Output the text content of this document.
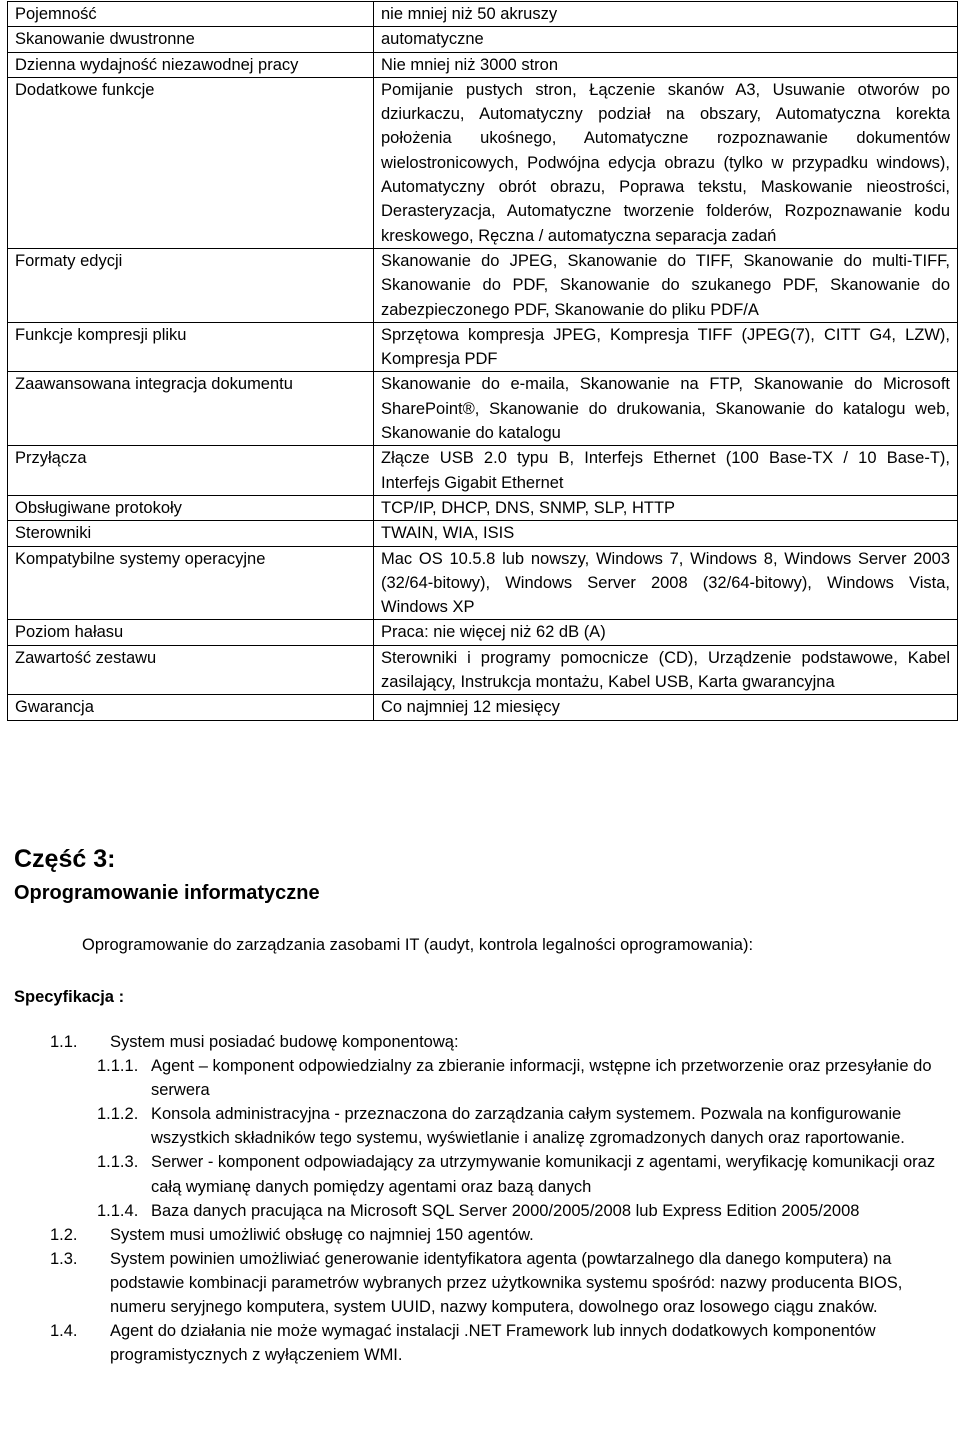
Pojemność	nie mniej niż 50 akruszy
Skanowanie dwustronne	automatyczne
Dzienna wydajność niezawodnej pracy	Nie mniej niż 3000 stron
Dodatkowe funkcje	Pomijanie pustych stron, Łączenie skanów A3, Usuwanie otworów po dziurkaczu, Automatyczny podział na obszary, Automatyczna korekta położenia ukośnego, Automatyczne rozpoznawanie dokumentów wielostronicowych, Podwójna edycja obrazu (tylko w przypadku windows), Automatyczny obrót obrazu, Poprawa tekstu, Maskowanie nieostrości, Derasteryzacja, Automatyczne tworzenie folderów, Rozpoznawanie kodu kreskowego, Ręczna / automatyczna separacja zadań
Formaty edycji	Skanowanie do JPEG, Skanowanie do TIFF, Skanowanie do multi-TIFF, Skanowanie do PDF, Skanowanie do szukanego PDF, Skanowanie do zabezpieczonego PDF, Skanowanie do pliku PDF/A
Funkcje kompresji pliku	Sprzętowa kompresja JPEG, Kompresja TIFF (JPEG(7), CITT G4, LZW), Kompresja PDF
Zaawansowana integracja dokumentu	Skanowanie do e-maila, Skanowanie na FTP, Skanowanie do Microsoft SharePoint®, Skanowanie do drukowania, Skanowanie do katalogu web, Skanowanie do katalogu
Przyłącza	Złącze USB 2.0 typu B, Interfejs Ethernet (100 Base-TX / 10 Base-T), Interfejs Gigabit Ethernet
Obsługiwane protokoły	TCP/IP, DHCP, DNS, SNMP, SLP, HTTP
Sterowniki	TWAIN, WIA, ISIS
Kompatybilne systemy operacyjne	Mac OS 10.5.8 lub nowszy, Windows 7, Windows 8, Windows Server 2003 (32/64-bitowy), Windows Server 2008 (32/64-bitowy), Windows Vista, Windows XP
Poziom hałasu	Praca: nie więcej niż 62 dB (A)
Zawartość zestawu	Sterowniki i programy pomocnicze (CD), Urządzenie podstawowe, Kabel zasilający, Instrukcja montażu, Kabel USB, Karta gwarancyjna
Gwarancja	Co najmniej 12 miesięcy
Część 3:
Oprogramowanie informatyczne
Oprogramowanie do zarządzania zasobami IT (audyt, kontrola legalności oprogramowania):
Specyfikacja :
1.1. System musi posiadać budowę komponentową:
1.1.1. Agent – komponent odpowiedzialny za zbieranie informacji, wstępne ich przetworzenie oraz przesyłanie do serwera
1.1.2. Konsola administracyjna - przeznaczona do zarządzania całym systemem. Pozwala na konfigurowanie wszystkich składników tego systemu, wyświetlanie i analizę zgromadzonych danych oraz raportowanie.
1.1.3. Serwer - komponent odpowiadający za utrzymywanie komunikacji z agentami, weryfikację komunikacji oraz całą wymianę danych pomiędzy agentami oraz bazą danych
1.1.4. Baza danych pracująca na Microsoft SQL Server 2000/2005/2008 lub Express Edition 2005/2008
1.2. System musi umożliwić obsługę co najmniej 150 agentów.
1.3. System powinien umożliwiać generowanie identyfikatora agenta (powtarzalnego dla danego komputera) na podstawie kombinacji parametrów wybranych przez użytkownika systemu spośród: nazwy producenta BIOS, numeru seryjnego komputera, system UUID, nazwy komputera, dowolnego oraz losowego ciągu znaków.
1.4. Agent do działania nie może wymagać instalacji .NET Framework lub innych dodatkowych komponentów programistycznych z wyłączeniem WMI.
